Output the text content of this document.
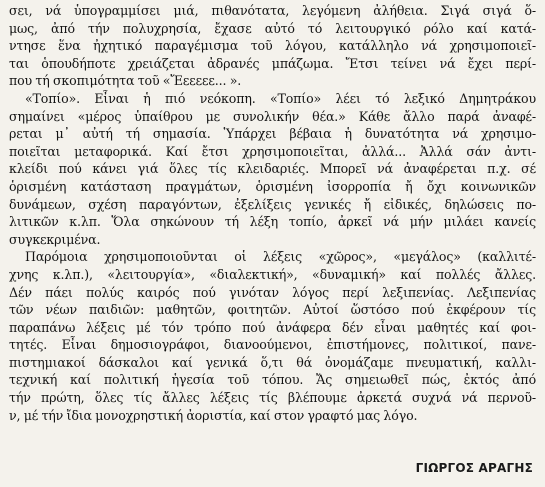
σει, νά ὑπογραμμίσει μιά, πιθανότατα, λεγόμενη ἀλήθεια. Σιγά σιγά ὅ-
μως, ἀπό τήν πολυχρησία, ἔχασε αὐτό τό λειτουργικό ρόλο καί κατά-
ντησε ἕνα ἠχητικό παραγέμισμα τοῦ λόγου, κατάλληλο νά χρησιμοποιεῖ-
ται ὁπουδήποτε χρειάζεται ἀδρανές μπάζωμα. Ἔτσι τείνει νά ἔχει περί-
που τή σκοπιμότητα τοῦ «Ἔεεεεε... ».
«Τοπίο». Εἶναι ἡ πιό νεόκοπη. «Τοπίο» λέει τό λεξικό Δημητράκου
σημαίνει «μέρος ὑπαίθρου με συνολικήν θέα.» Κάθε ἄλλο παρά ἀναφέ-
ρεται μ᾽ αὐτή τή σημασία. Ὑπάρχει βέβαια ἡ δυνατότητα νά χρησιμο-
ποιεῖται μεταφορικά. Καί ἔτσι χρησιμοποιεῖται, ἀλλά... Ἀλλά σάν ἀντι-
κλείδι πού κάνει γιά ὅλες τίς κλειδαριές. Μπορεῖ νά ἀναφέρεται π.χ. σέ
ὁρισμένη κατάσταση πραγμάτων, ὁρισμένη ἰσορροπία ἤ ὄχι κοινωνικῶν
δυνάμεων, σχέση παραγόντων, ἐξελίξεις γενικές ἤ εἰδικές, δηλώσεις πο-
λιτικῶν κ.λπ. Ὅλα σηκώνουν τή λέξη τοπίο, ἀρκεῖ νά μήν μιλάει κανείς
συγκεκριμένα.
Παρόμοια χρησιμοποιοῦνται οἱ λέξεις «χῶρος», «μεγάλος» (καλλιτέ-
χνης κ.λπ.), «λειτουργία», «διαλεκτική», «δυναμική» καί πολλές ἄλλες.
Δέν πάει πολύς καιρός πού γινόταν λόγος περί λεξιπενίας. Λεξιπενίας
τῶν νέων παιδιῶν: μαθητῶν, φοιτητῶν. Αὐτοί ὥστόσο πού ἐκφέρουν τίς
παραπάνω λέξεις μέ τόν τρόπο πού ἀνάφερα δέν εἶναι μαθητές καί φοι-
τητές. Εἶναι δημοσιογράφοι, διανοούμενοι, ἐπιστήμονες, πολιτικοί, πανε-
πιστημιακοί δάσκαλοι καί γενικά ὅ,τι θά ὀνομάζαμε πνευματική, καλλι-
τεχνική καί πολιτική ἡγεσία τοῦ τόπου. Ἄς σημειωθεῖ πώς, ἐκτός ἀπό
τήν πρώτη, ὅλες τίς ἄλλες λέξεις τίς βλέπουμε ἀρκετά συχνά νά περνοῦ-
ν, μέ τήν ἴδια μονοχρηστική ἀοριστία, καί στον γραφτό μας λόγο.
ΓΙΩΡΓΟΣ ΑΡΑΓΗΣ
